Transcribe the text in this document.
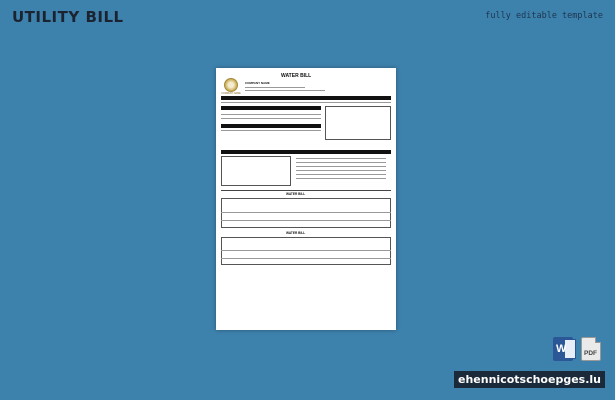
UTILITY BILL	fully editable template
COMPANY NAME
WATER BILL
COMPANY NAME
WATER BILL
WATER BILL
W	PDF
ehennicotschoepges.lu
